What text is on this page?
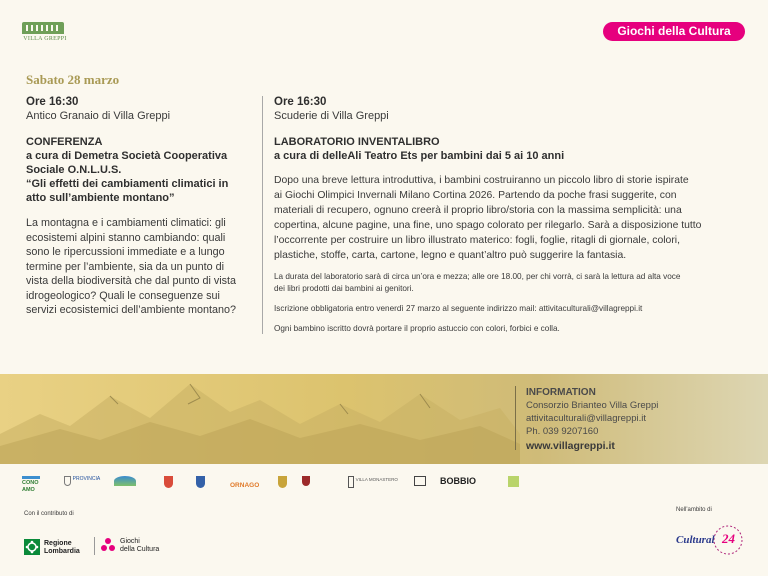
VILLA GREPPI
Giochi della Cultura
Sabato 28 marzo
Ore 16:30
Antico Granaio di Villa Greppi
CONFERENZA
a cura di Demetra Società Cooperativa
Sociale O.N.L.U.S.
“Gli effetti dei cambiamenti climatici in
atto sull’ambiente montano”
La montagna e i cambiamenti climatici: gli
ecosistemi alpini stanno cambiando: quali
sono le ripercussioni immediate e a lungo
termine per l’ambiente, sia da un punto di
vista della biodiversità che dal punto di vista
idrogeologico? Quali le conseguenze sui
servizi ecosistemici dell’ambiente montano?
Ore 16:30
Scuderie di Villa Greppi
LABORATORIO INVENTALIBRO
a cura di delleAli Teatro Ets per bambini dai 5 ai 10 anni
Dopo una breve lettura introduttiva, i bambini costruiranno un piccolo libro di storie ispirate
ai Giochi Olimpici Invernali Milano Cortina 2026. Partendo da poche frasi suggerite, con
materiali di recupero, ognuno creerà il proprio libro/storia con la massima semplicità: una
copertina, alcune pagine, una fine, uno spago colorato per rilegarlo. Sarà a disposizione tutto
l’occorrente per costruire un libro illustrato materico: fogli, foglie, ritagli di giornale, colori,
plastiche, stoffe, carta, cartone, legno e quant’altro può suggerire la fantasia.
La durata del laboratorio sarà di circa un’ora e mezza; alle ore 18.00, per chi vorrà, ci sarà la lettura ad alta voce
dei libri prodotti dai bambini ai genitori.
Iscrizione obbligatoria entro venerdì 27 marzo al seguente indirizzo mail: attivitaculturali@villagreppi.it
Ogni bambino iscritto dovrà portare il proprio astuccio con colori, forbici e colla.
INFORMATION
Consorzio Brianteo Villa Greppi
attivitaculturali@villagreppi.it
Ph. 039 9207160
www.villagreppi.it
CONO AMO
PROVINCIA
ORNAGO
VILLA MONASTERO	BOBBIO
Con il contributo di
Nell'ambito di
Regione Lombardia
Giochi
della Cultura
Cultural 24
